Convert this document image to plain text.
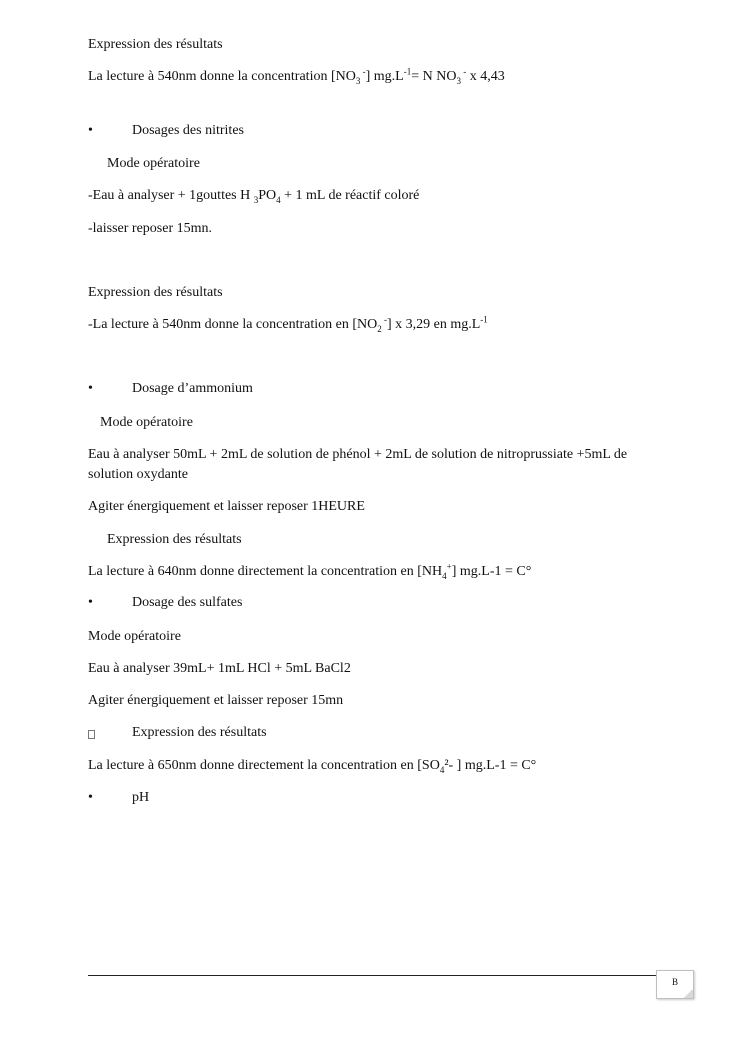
Expression des résultats
La lecture à 540nm donne la concentration [$NO_3$ -] $mg.L^{-1}= N$ $NO_3$ - x 4,43
•	Dosages des nitrites
Mode opératoire
-Eau à analyser + 1gouttes H $_3PO_4 + 1$ mL de réactif coloré
-laisser reposer 15mn.
Expression des résultats
-La lecture à 540nm donne la concentration en [$NO_2$ -] x 3,29 en $mg.L^{-1}$
•	Dosage d’ammonium
Mode opératoire
Eau à analyser 50mL + 2mL de solution de phénol + 2mL de solution de nitroprussiate +5mL de solution oxydante
Agiter énergiquement et laisser reposer 1HEURE
Expression des résultats
La lecture à 640nm donne directement la concentration en $[NH_4^+] mg.L-1 = C^\circ$
•	Dosage des sulfates
Mode opératoire
Eau à analyser 39mL+ 1mL HCl + 5mL BaCl2
Agiter énergiquement et laisser reposer 15mn
Expression des résultats
La lecture à 650nm donne directement la concentration en [$SO_4^2-$ ] mg.L-1 = C°
•	pH
B
